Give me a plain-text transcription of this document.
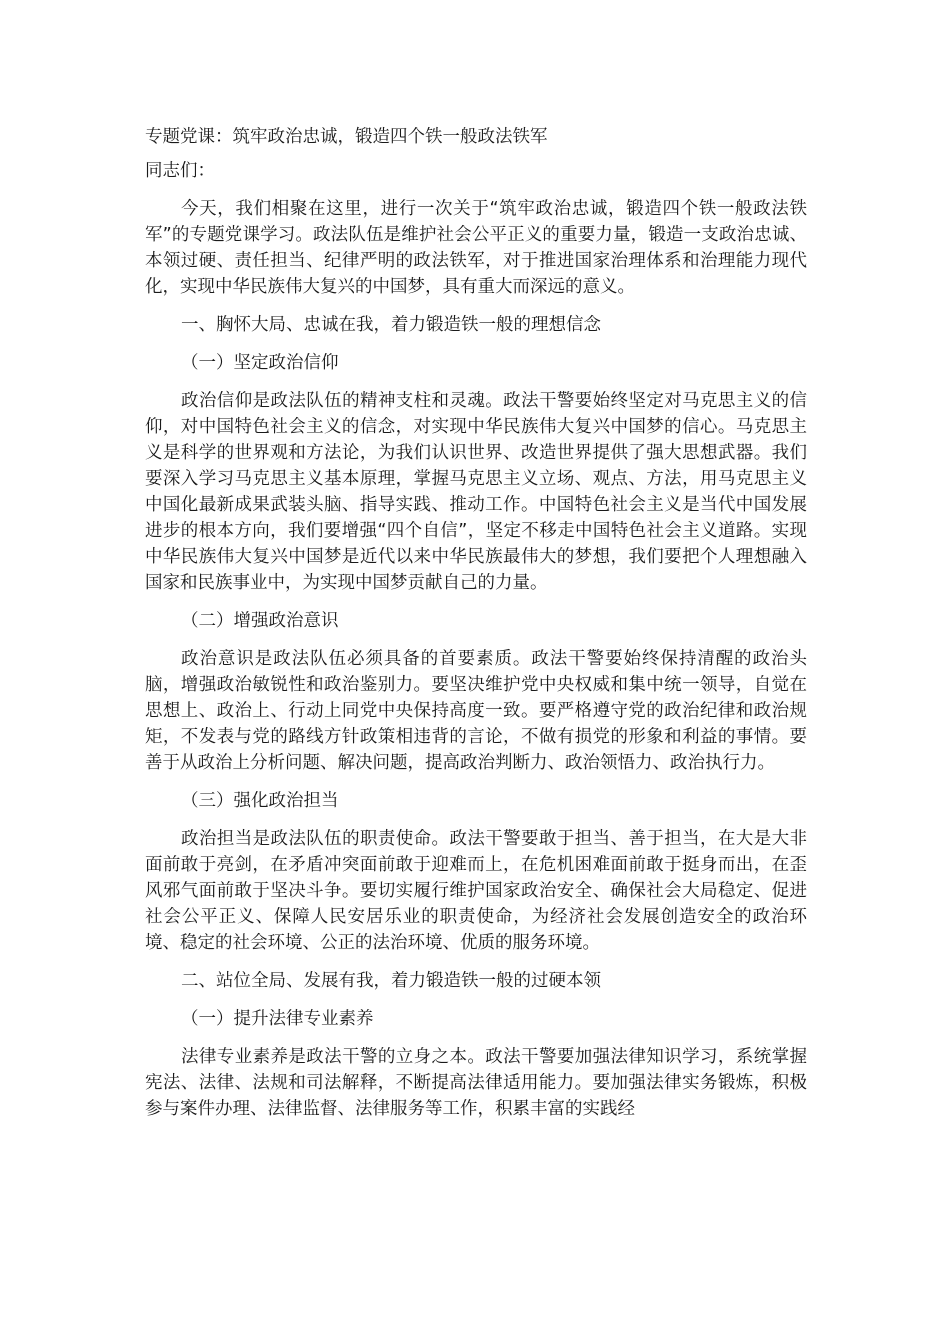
专题党课：筑牢政治忠诚，锻造四个铁一般政法铁军

同志们：

今天，我们相聚在这里，进行一次关于“筑牢政治忠诚，锻造四个铁一般政法铁军”的专题党课学习。政法队伍是维护社会公平正义的重要力量，锻造一支政治忠诚、本领过硬、责任担当、纪律严明的政法铁军，对于推进国家治理体系和治理能力现代化，实现中华民族伟大复兴的中国梦，具有重大而深远的意义。

一、胸怀大局、忠诚在我，着力锻造铁一般的理想信念

（一）坚定政治信仰

政治信仰是政法队伍的精神支柱和灵魂。政法干警要始终坚定对马克思主义的信仰，对中国特色社会主义的信念，对实现中华民族伟大复兴中国梦的信心。马克思主义是科学的世界观和方法论，为我们认识世界、改造世界提供了强大思想武器。我们要深入学习马克思主义基本原理，掌握马克思主义立场、观点、方法，用马克思主义中国化最新成果武装头脑、指导实践、推动工作。中国特色社会主义是当代中国发展进步的根本方向，我们要增强“四个自信”，坚定不移走中国特色社会主义道路。实现中华民族伟大复兴中国梦是近代以来中华民族最伟大的梦想，我们要把个人理想融入国家和民族事业中，为实现中国梦贡献自己的力量。

（二）增强政治意识

政治意识是政法队伍必须具备的首要素质。政法干警要始终保持清醒的政治头脑，增强政治敏锐性和政治鉴别力。要坚决维护党中央权威和集中统一领导，自觉在思想上、政治上、行动上同党中央保持高度一致。要严格遵守党的政治纪律和政治规矩，不发表与党的路线方针政策相违背的言论，不做有损党的形象和利益的事情。要善于从政治上分析问题、解决问题，提高政治判断力、政治领悟力、政治执行力。

（三）强化政治担当

政治担当是政法队伍的职责使命。政法干警要敢于担当、善于担当，在大是大非面前敢于亮剑，在矛盾冲突面前敢于迎难而上，在危机困难面前敢于挺身而出，在歪风邪气面前敢于坚决斗争。要切实履行维护国家政治安全、确保社会大局稳定、促进社会公平正义、保障人民安居乐业的职责使命，为经济社会发展创造安全的政治环境、稳定的社会环境、公正的法治环境、优质的服务环境。

二、站位全局、发展有我，着力锻造铁一般的过硬本领

（一）提升法律专业素养

法律专业素养是政法干警的立身之本。政法干警要加强法律知识学习，系统掌握宪法、法律、法规和司法解释，不断提高法律适用能力。要加强法律实务锻炼，积极参与案件办理、法律监督、法律服务等工作，积累丰富的实践经
